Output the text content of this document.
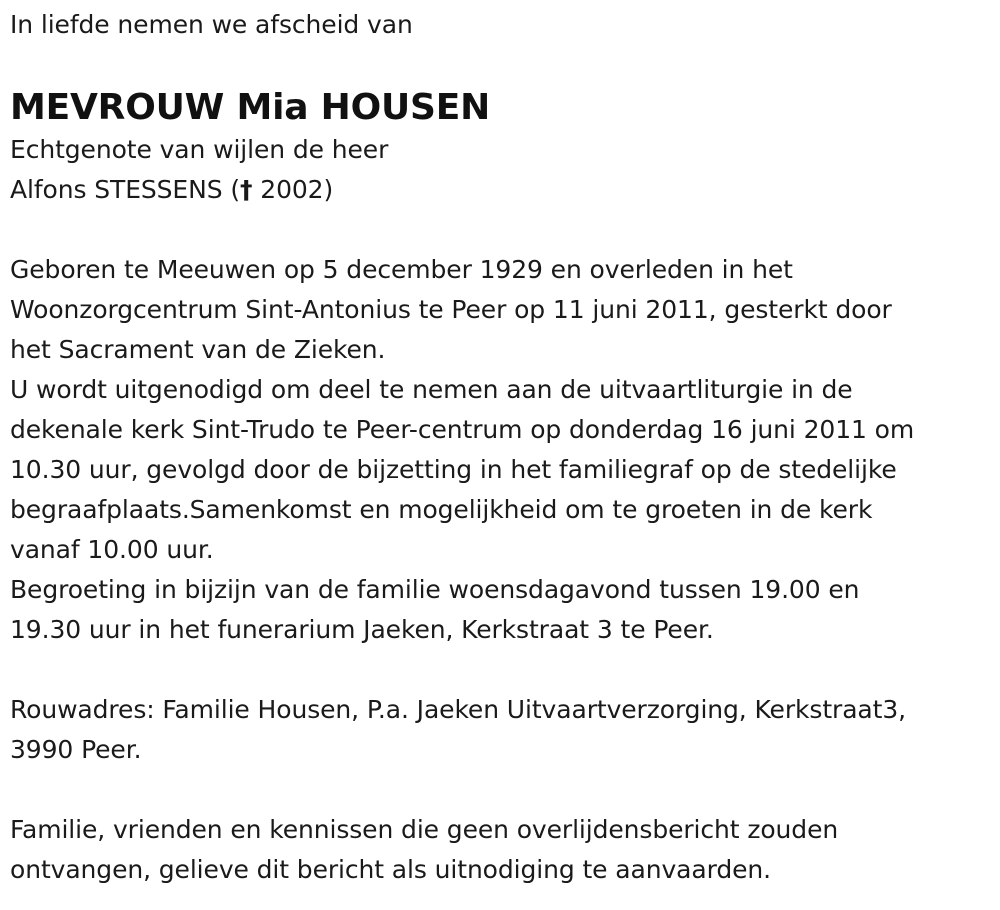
In liefde nemen we afscheid van
MEVROUW Mia HOUSEN
Echtgenote van wijlen de heer
Alfons STESSENS († 2002)
Geboren te Meeuwen op 5 december 1929 en overleden in het
Woonzorgcentrum Sint-Antonius te Peer op 11 juni 2011, gesterkt door
het Sacrament van de Zieken.
U wordt uitgenodigd om deel te nemen aan de uitvaartliturgie in de
dekenale kerk Sint-Trudo te Peer-centrum op donderdag 16 juni 2011 om
10.30 uur, gevolgd door de bijzetting in het familiegraf op de stedelijke
begraafplaats.Samenkomst en mogelijkheid om te groeten in de kerk
vanaf 10.00 uur.
Begroeting in bijzijn van de familie woensdagavond tussen 19.00 en
19.30 uur in het funerarium Jaeken, Kerkstraat 3 te Peer.
Rouwadres: Familie Housen, P.a. Jaeken Uitvaartverzorging, Kerkstraat3,
3990 Peer.
Familie, vrienden en kennissen die geen overlijdensbericht zouden
ontvangen, gelieve dit bericht als uitnodiging te aanvaarden.
